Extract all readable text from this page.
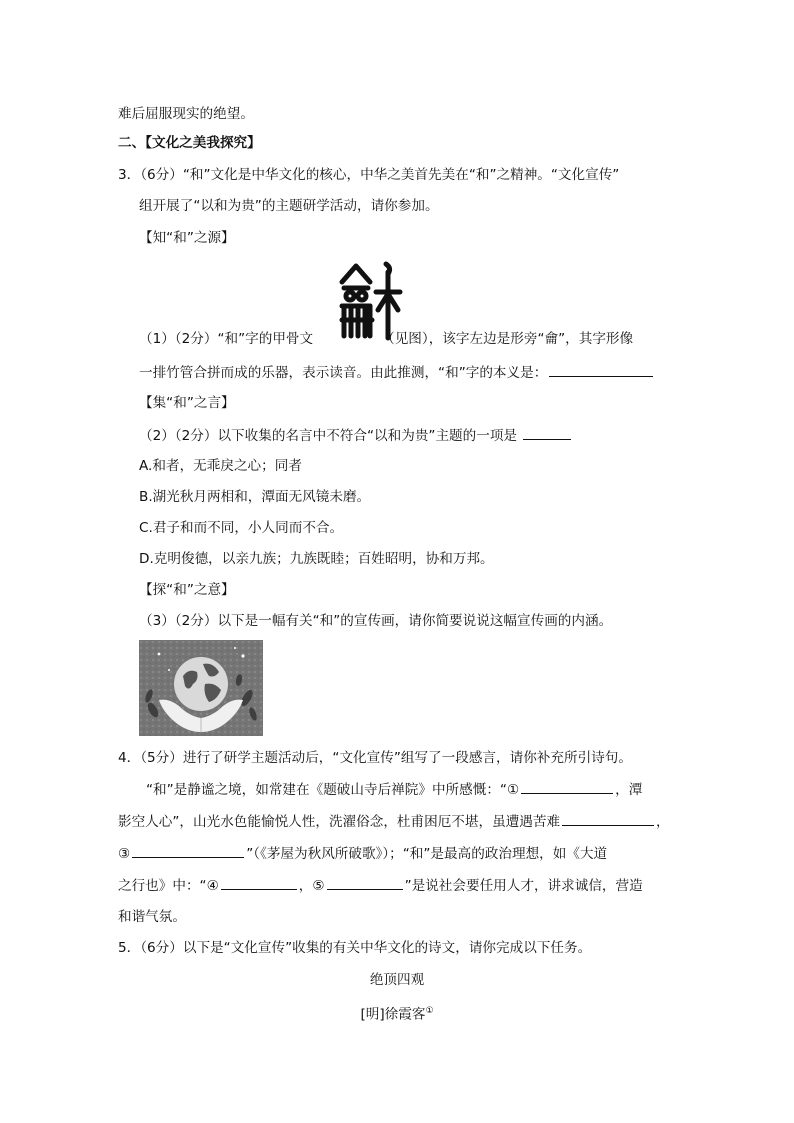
难后屈服现实的绝望。
二、【文化之美我探究】
3．（6分）“和”文化是中华文化的核心，中华之美首先美在“和”之精神。“文化宣传”
组开展了“以和为贵”的主题研学活动，请你参加。
【知“和”之源】
（1）（2分）“和”字的甲骨文	（见图），该字左边是形旁“龠”，其字形像
一排竹管合拼而成的乐器，表示读音。由此推测，“和”字的本义是：
【集“和”之言】
（2）（2分）以下收集的名言中不符合“以和为贵”主题的一项是
A.和者，无乖戾之心；同者
B.湖光秋月两相和，潭面无风镜未磨。
C.君子和而不同，小人同而不合。
D.克明俊德，以亲九族；九族既睦；百姓昭明，协和万邦。
【探“和”之意】
（3）（2分）以下是一幅有关“和”的宣传画，请你简要说说这幅宣传画的内涵。
4．（5分）进行了研学主题活动后，“文化宣传”组写了一段感言，请你补充所引诗句。
“和”是静谧之境，如常建在《题破山寺后禅院》中所感慨：“①	，潭
影空人心”，山光水色能愉悦人性，洗濯俗念，杜甫困厄不堪，虽遭遇苦难	，
③	”（《茅屋为秋风所破歌》）；“和”是最高的政治理想，如《大道
之行也》中：“④	，⑤	”是说社会要任用人才，讲求诚信，营造
和谐气氛。
5．（6分）以下是“文化宣传”收集的有关中华文化的诗文，请你完成以下任务。
绝顶四观
[明]徐霞客①
